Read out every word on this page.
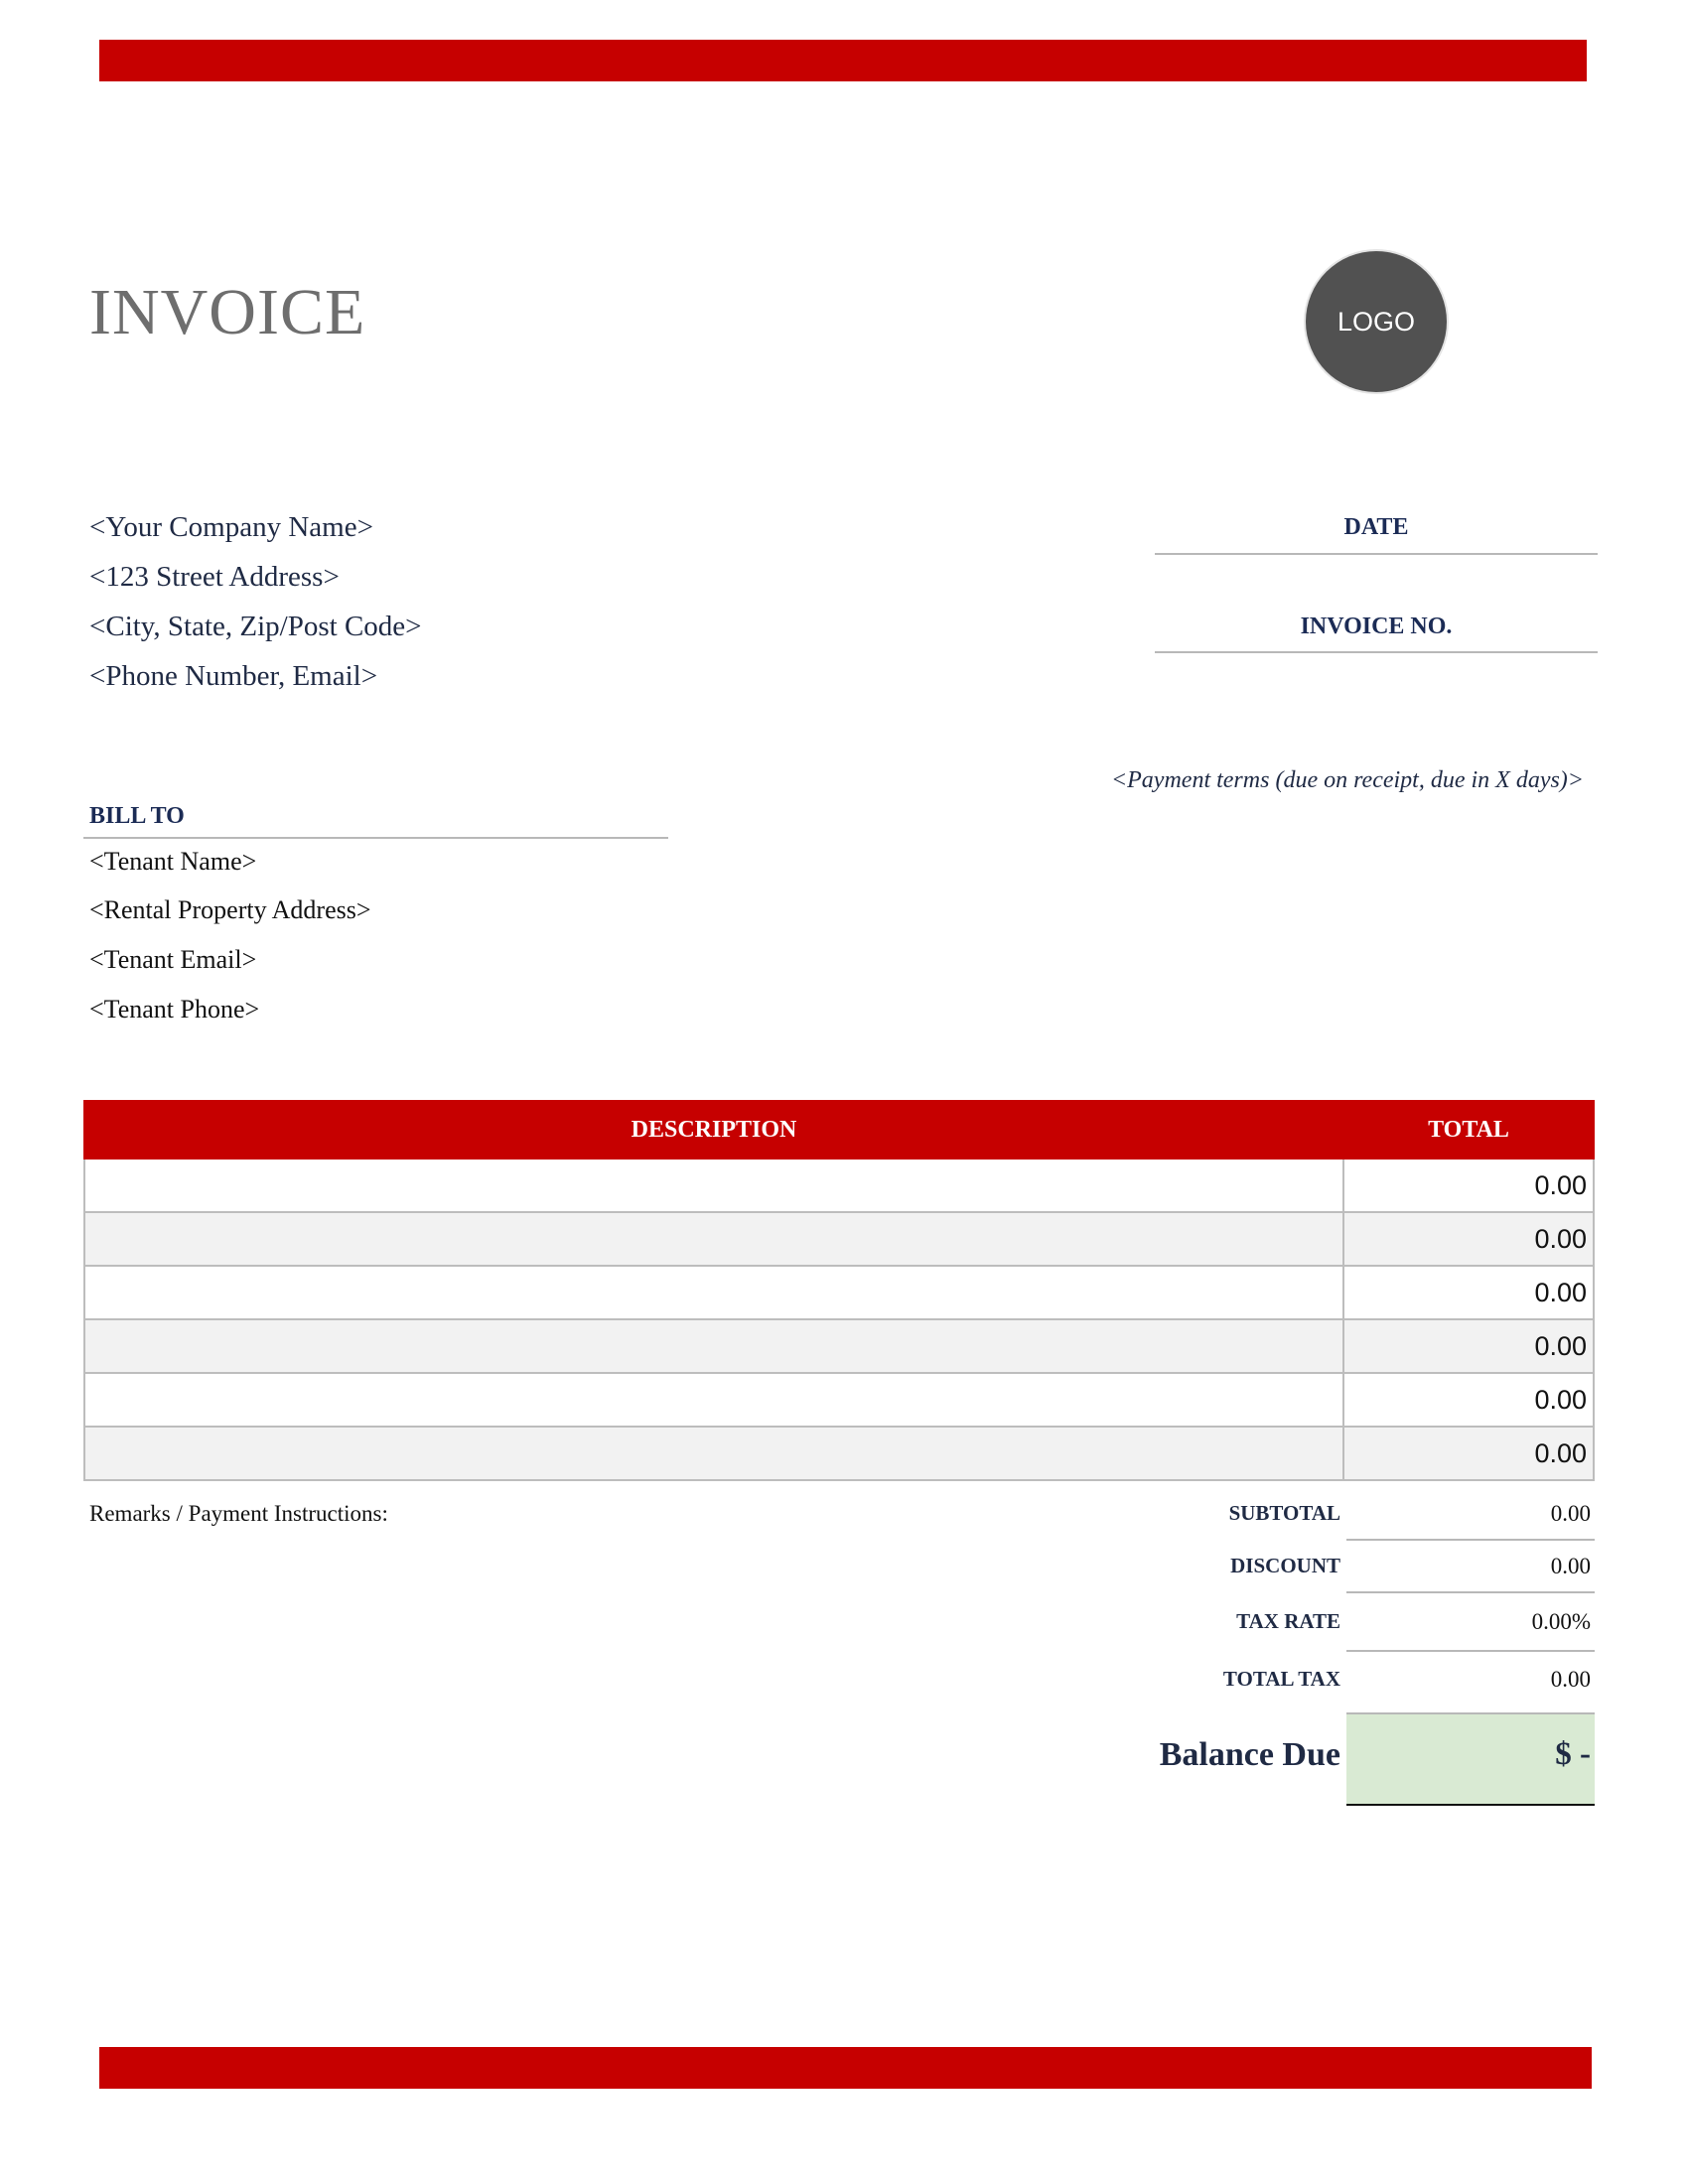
INVOICE	LOGO
<Your Company Name>
<123 Street Address>
<City, State, Zip/Post Code>
<Phone Number, Email>
DATE
INVOICE NO.
<Payment terms (due on receipt, due in X days)>
BILL TO
<Tenant Name>
<Rental Property Address>
<Tenant Email>
<Tenant Phone>
DESCRIPTION	TOTAL
	0.00
	0.00
	0.00
	0.00
	0.00
	0.00
Remarks / Payment Instructions:	SUBTOTAL	0.00
DISCOUNT	0.00
TAX RATE	0.00%
TOTAL TAX	0.00
Balance Due	$ -
